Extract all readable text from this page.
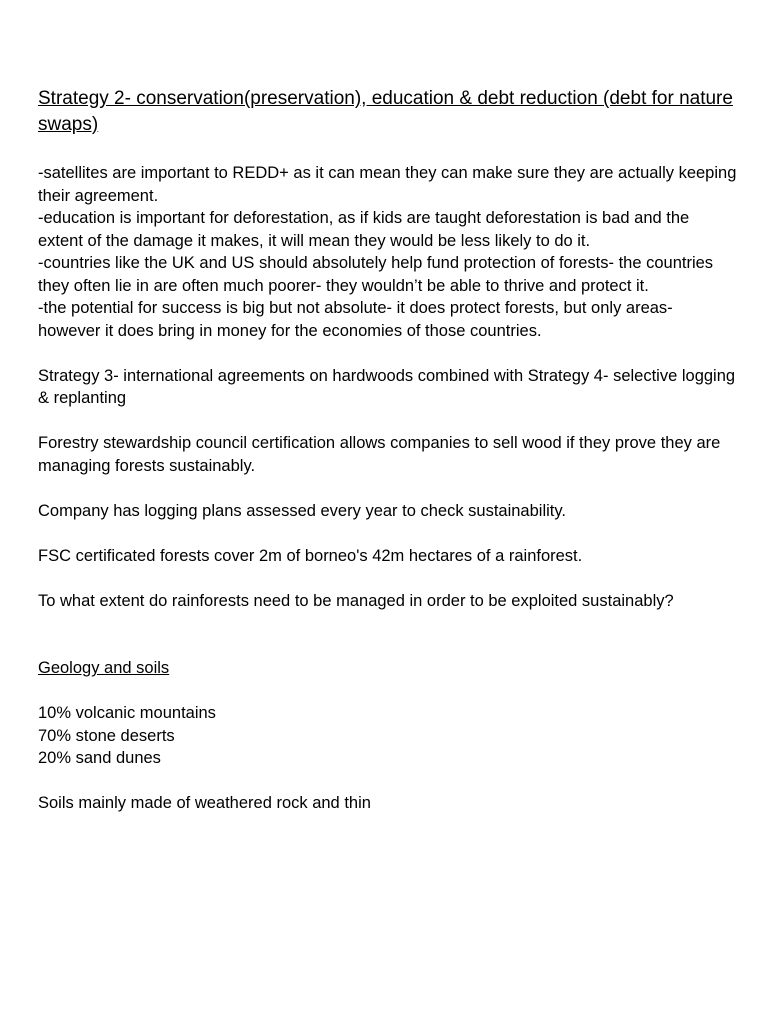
Strategy 2- conservation(preservation), education & debt reduction (debt for nature swaps)

-satellites are important to REDD+ as it can mean they can make sure they are actually keeping their agreement.

-education is important for deforestation, as if kids are taught deforestation is bad and the extent of the damage it makes, it will mean they would be less likely to do it.

-countries like the UK and US should absolutely help fund protection of forests- the countries they often lie in are often much poorer- they wouldn’t be able to thrive and protect it.

-the potential for success is big but not absolute- it does protect forests, but only areas- however it does bring in money for the economies of those countries.

Strategy 3- international agreements on hardwoods combined with Strategy 4- selective logging & replanting

Forestry stewardship council certification allows companies to sell wood if they prove they are managing forests sustainably.

Company has logging plans assessed every year to check sustainability.

FSC certificated forests cover 2m of borneo's 42m hectares of a rainforest.

To what extent do rainforests need to be managed in order to be exploited sustainably?

Geology and soils
10% volcanic mountains
70% stone deserts
20% sand dunes

Soils mainly made of weathered rock and thin
